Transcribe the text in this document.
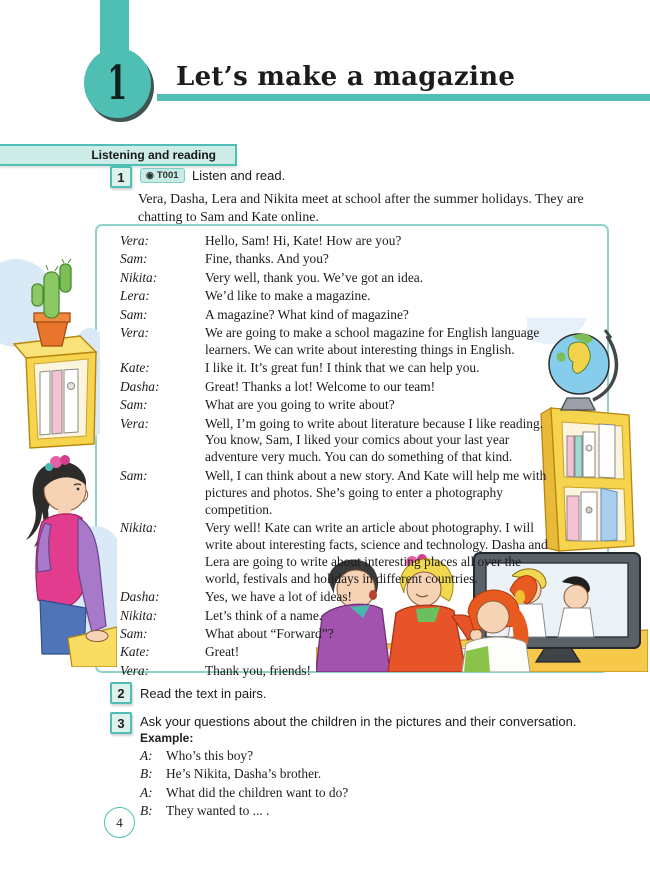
1 Let’s make a magazine
Listening and reading
1	◉ T001 Listen and read.
Vera, Dasha, Lera and Nikita meet at school after the summer holidays. They are chatting to Sam and Kate online.
Vera:	Hello, Sam! Hi, Kate! How are you?
Sam:	Fine, thanks. And you?
Nikita:	Very well, thank you. We’ve got an idea.
Lera:	We’d like to make a magazine.
Sam:	A magazine? What kind of magazine?
Vera:	We are going to make a school magazine for English language learners. We can write about interesting things in English.
Kate:	I like it. It’s great fun! I think that we can help you.
Dasha:	Great! Thanks a lot! Welcome to our team!
Sam:	What are you going to write about?
Vera:	Well, I’m going to write about literature because I like reading. You know, Sam, I liked your comics about your last year adventure very much. You can do something of that kind.
Sam:	Well, I can think about a new story. And Kate will help me with pictures and photos. She’s going to enter a photography competition.
Nikita:	Very well! Kate can write an article about photography. I will write about interesting facts, science and technology. Dasha and Lera are going to write about interesting places all over the world, festivals and holidays in different countries.
Dasha:	Yes, we have a lot of ideas!
Nikita:	Let’s think of a name.
Sam:	What about “Forward”?
Kate:	Great!
Vera:	Thank you, friends!
2	Read the text in pairs.
3	Ask your questions about the children in the pictures and their conversation.
Example:
A: Who’s this boy?
B: He’s Nikita, Dasha’s brother.
A: What did the children want to do?
B: They wanted to ... .
4
